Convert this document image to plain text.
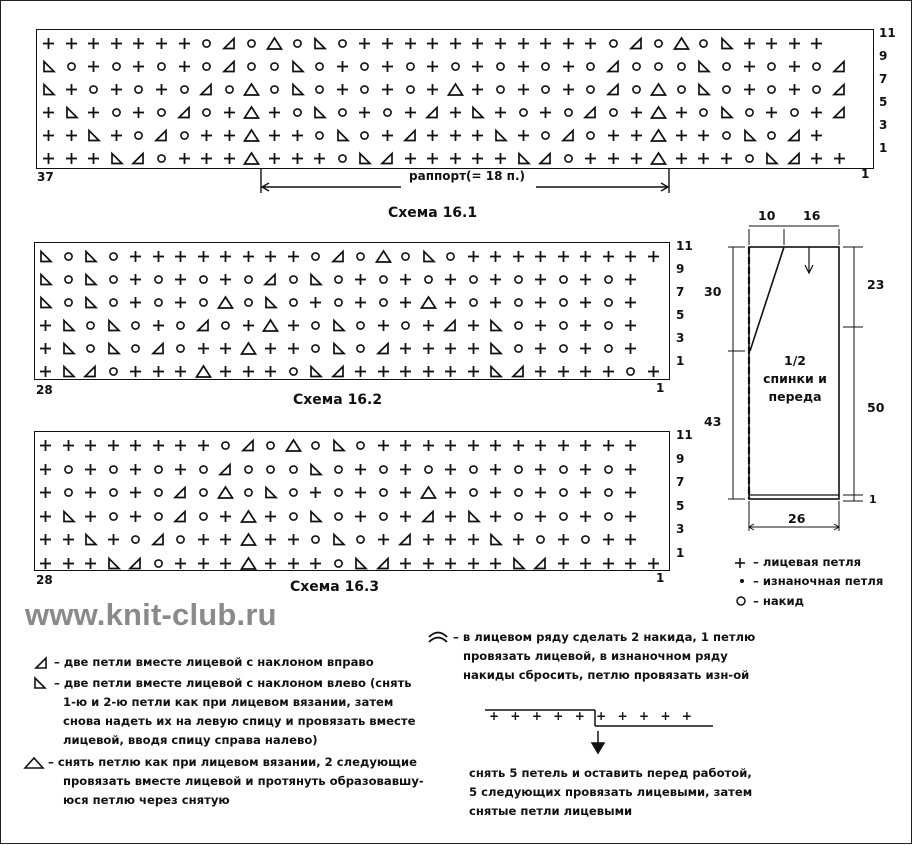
37	1
раппорт(= 18 п.)
Схема 16.1
11
9
7
5
3
1
28	1
Схема 16.2
11
9
7
5
3
1
28	1
Схема 16.3
11
9
7
5
3
1
10 16
26
30
43
23
50
1
1/2
спинки и
переда
– лицевая петля
– изнаночная петля
– накид
www.knit-club.ru
– две петли вместе лицевой с наклоном вправо
– две петли вместе лицевой с наклоном влево (снять
1-ю и 2-ю петли как при лицевом вязании, затем
снова надеть их на левую спицу и провязать вместе
лицевой, вводя спицу справа налево)
– снять петлю как при лицевом вязании, 2 следующие
провязать вместе лицевой и протянуть образовавшу-
юся петлю через снятую
– в лицевом ряду сделать 2 накида, 1 петлю
провязать лицевой, в изнаночном ряду
накиды сбросить, петлю провязать изн-ой
+ + + + + + + + + +
снять 5 петель и оставить перед работой,
5 следующих провязать лицевыми, затем
снятые петли лицевыми
